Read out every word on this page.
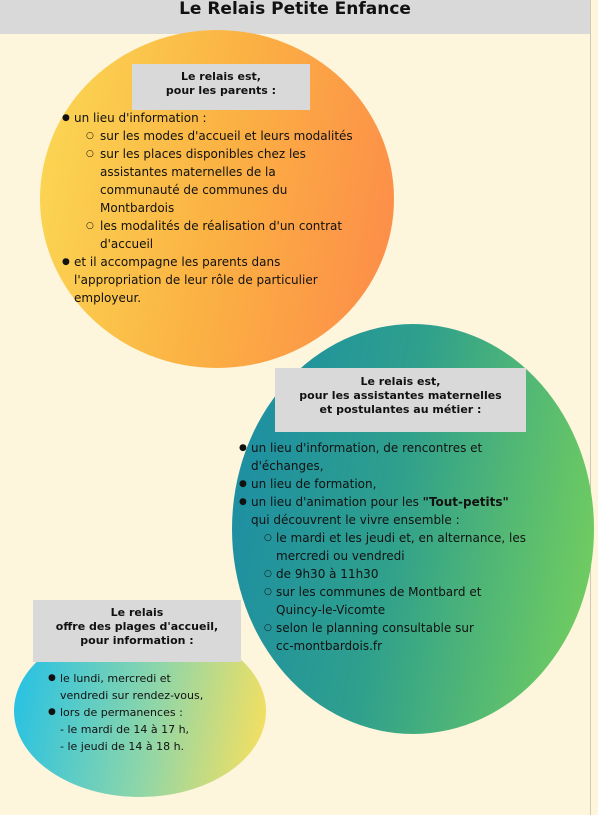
Le Relais Petite Enfance
Le relais est,
pour les parents :
● un lieu d'information :
○ sur les modes d'accueil et leurs modalités
○ sur les places disponibles chez les
assistantes maternelles de la
communauté de communes du
Montbardois
○ les modalités de réalisation d'un contrat
d'accueil
● et il accompagne les parents dans
l'appropriation de leur rôle de particulier
employeur.
Le relais est,
pour les assistantes maternelles
et postulantes au métier :
● un lieu d'information, de rencontres et
d'échanges,
● un lieu de formation,
● un lieu d'animation pour les "Tout-petits"
qui découvrent le vivre ensemble :
○ le mardi et les jeudi et, en alternance, les
mercredi ou vendredi
○ de 9h30 à 11h30
○ sur les communes de Montbard et
Quincy-le-Vicomte
○ selon le planning consultable sur
cc-montbardois.fr
Le relais
offre des plages d'accueil,
pour information :
● le lundi, mercredi et
vendredi sur rendez-vous,
● lors de permanences :
- le mardi de 14 à 17 h,
- le jeudi de 14 à 18 h.
